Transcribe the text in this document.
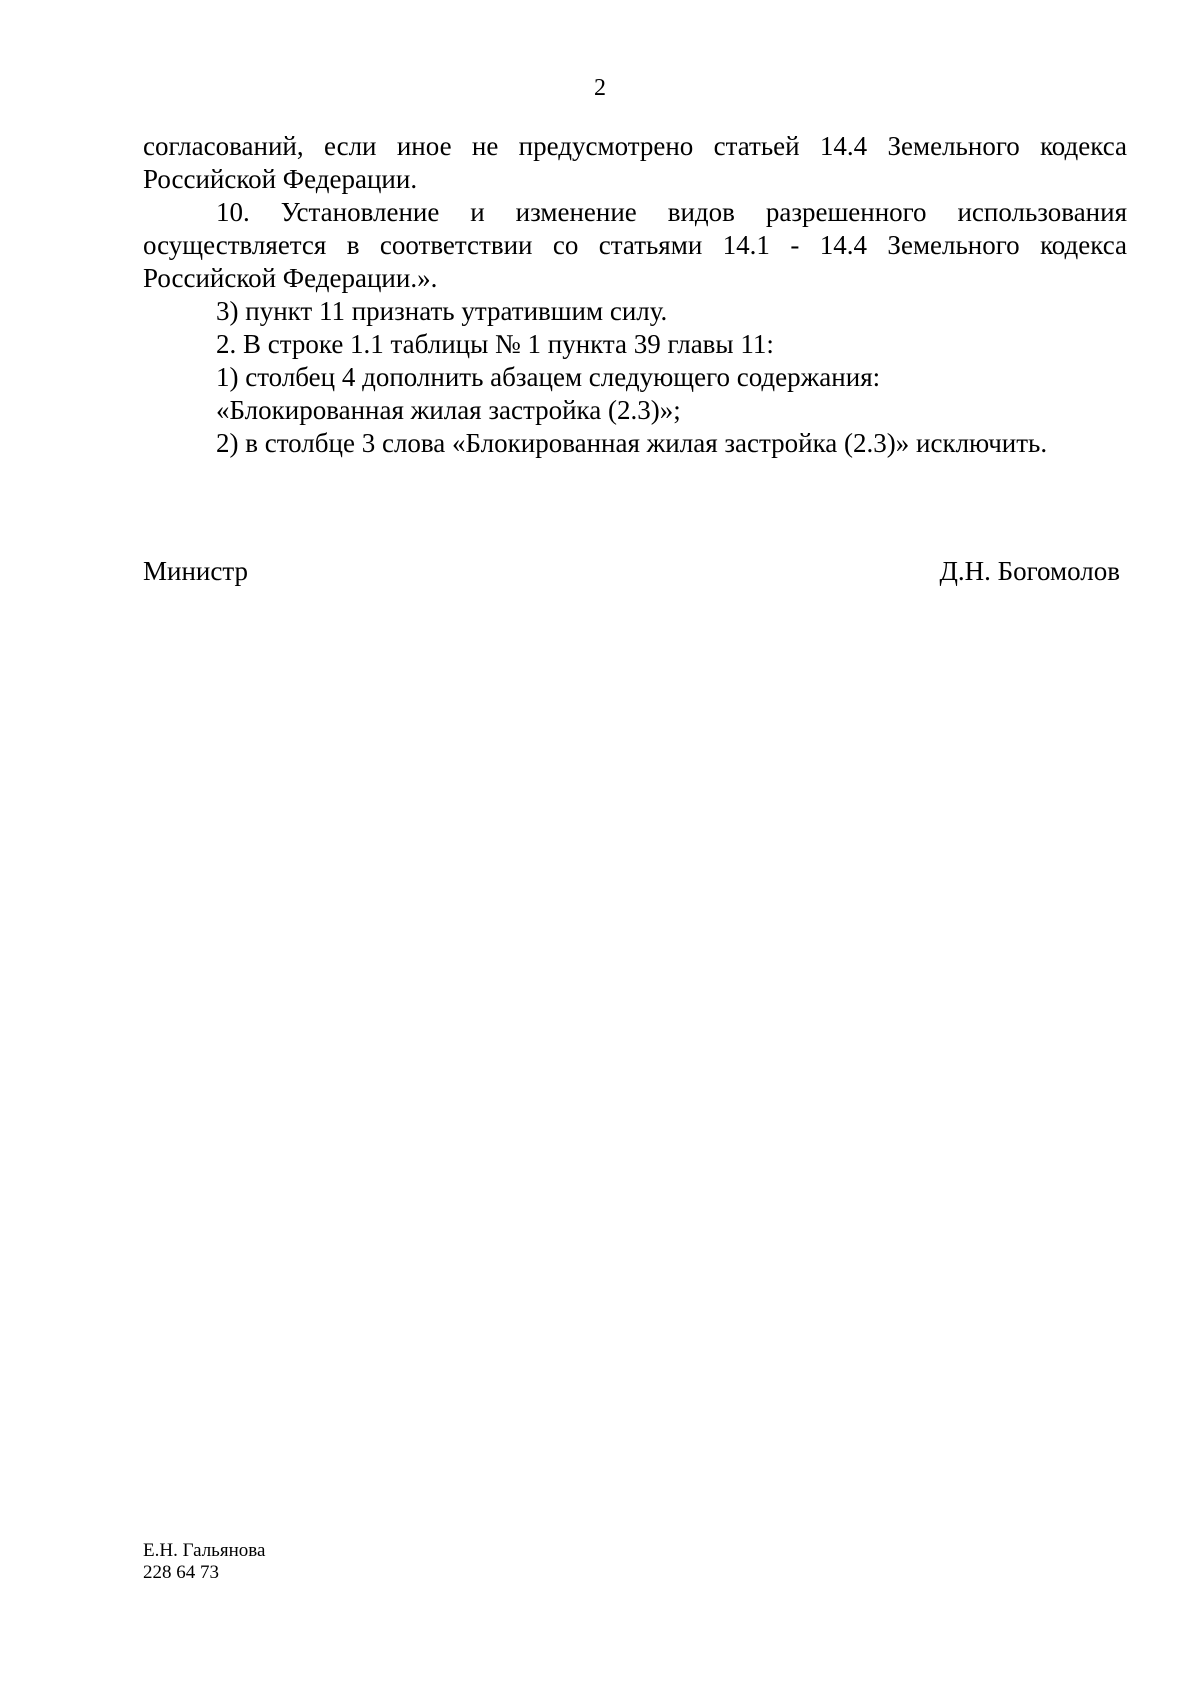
2

согласований, если иное не предусмотрено статьей 14.4 Земельного кодекса Российской Федерации.

10. Установление и изменение видов разрешенного использования осуществляется в соответствии со статьями 14.1 - 14.4 Земельного кодекса Российской Федерации.».

3) пункт 11 признать утратившим силу.

2. В строке 1.1 таблицы № 1 пункта 39 главы 11:

1) столбец 4 дополнить абзацем следующего содержания:

«Блокированная жилая застройка (2.3)»;

2) в столбце 3 слова «Блокированная жилая застройка (2.3)» исключить.

Министр	Д.Н. Богомолов
Е.Н. Гальянова
228 64 73
